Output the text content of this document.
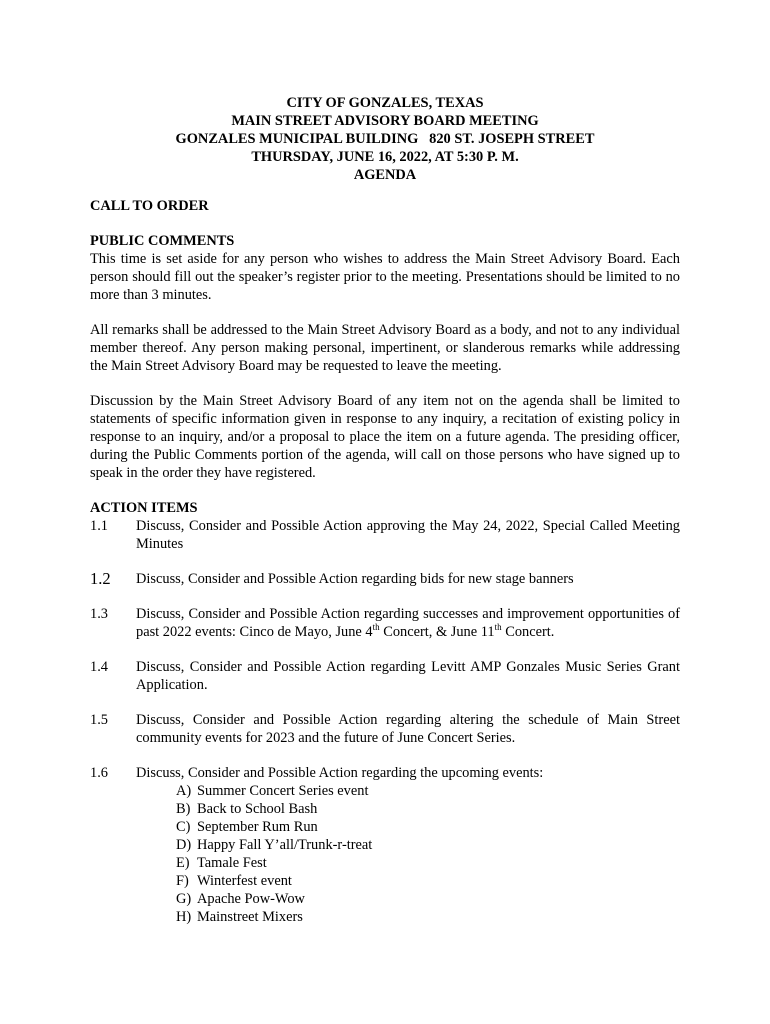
CITY OF GONZALES, TEXAS
MAIN STREET ADVISORY BOARD MEETING
GONZALES MUNICIPAL BUILDING   820 ST. JOSEPH STREET
THURSDAY, JUNE 16, 2022, AT 5:30 P. M.
AGENDA
CALL TO ORDER
PUBLIC COMMENTS

This time is set aside for any person who wishes to address the Main Street Advisory Board. Each person should fill out the speaker’s register prior to the meeting. Presentations should be limited to no more than 3 minutes.

All remarks shall be addressed to the Main Street Advisory Board as a body, and not to any individual member thereof. Any person making personal, impertinent, or slanderous remarks while addressing the Main Street Advisory Board may be requested to leave the meeting.

Discussion by the Main Street Advisory Board of any item not on the agenda shall be limited to statements of specific information given in response to any inquiry, a recitation of existing policy in response to an inquiry, and/or a proposal to place the item on a future agenda. The presiding officer, during the Public Comments portion of the agenda, will call on those persons who have signed up to speak in the order they have registered.

ACTION ITEMS
1.1	Discuss, Consider and Possible Action approving the May 24, 2022, Special Called Meeting Minutes
1.2	Discuss, Consider and Possible Action regarding bids for new stage banners
1.3	Discuss, Consider and Possible Action regarding successes and improvement opportunities of past 2022 events: Cinco de Mayo, June 4th Concert, & June 11th Concert.
1.4	Discuss, Consider and Possible Action regarding Levitt AMP Gonzales Music Series Grant Application.
1.5	Discuss, Consider and Possible Action regarding altering the schedule of Main Street community events for 2023 and the future of June Concert Series.
1.6	Discuss, Consider and Possible Action regarding the upcoming events:
A) Summer Concert Series event
B) Back to School Bash
C) September Rum Run
D) Happy Fall Y’all/Trunk-r-treat
E) Tamale Fest
F) Winterfest event
G) Apache Pow-Wow
H) Mainstreet Mixers
